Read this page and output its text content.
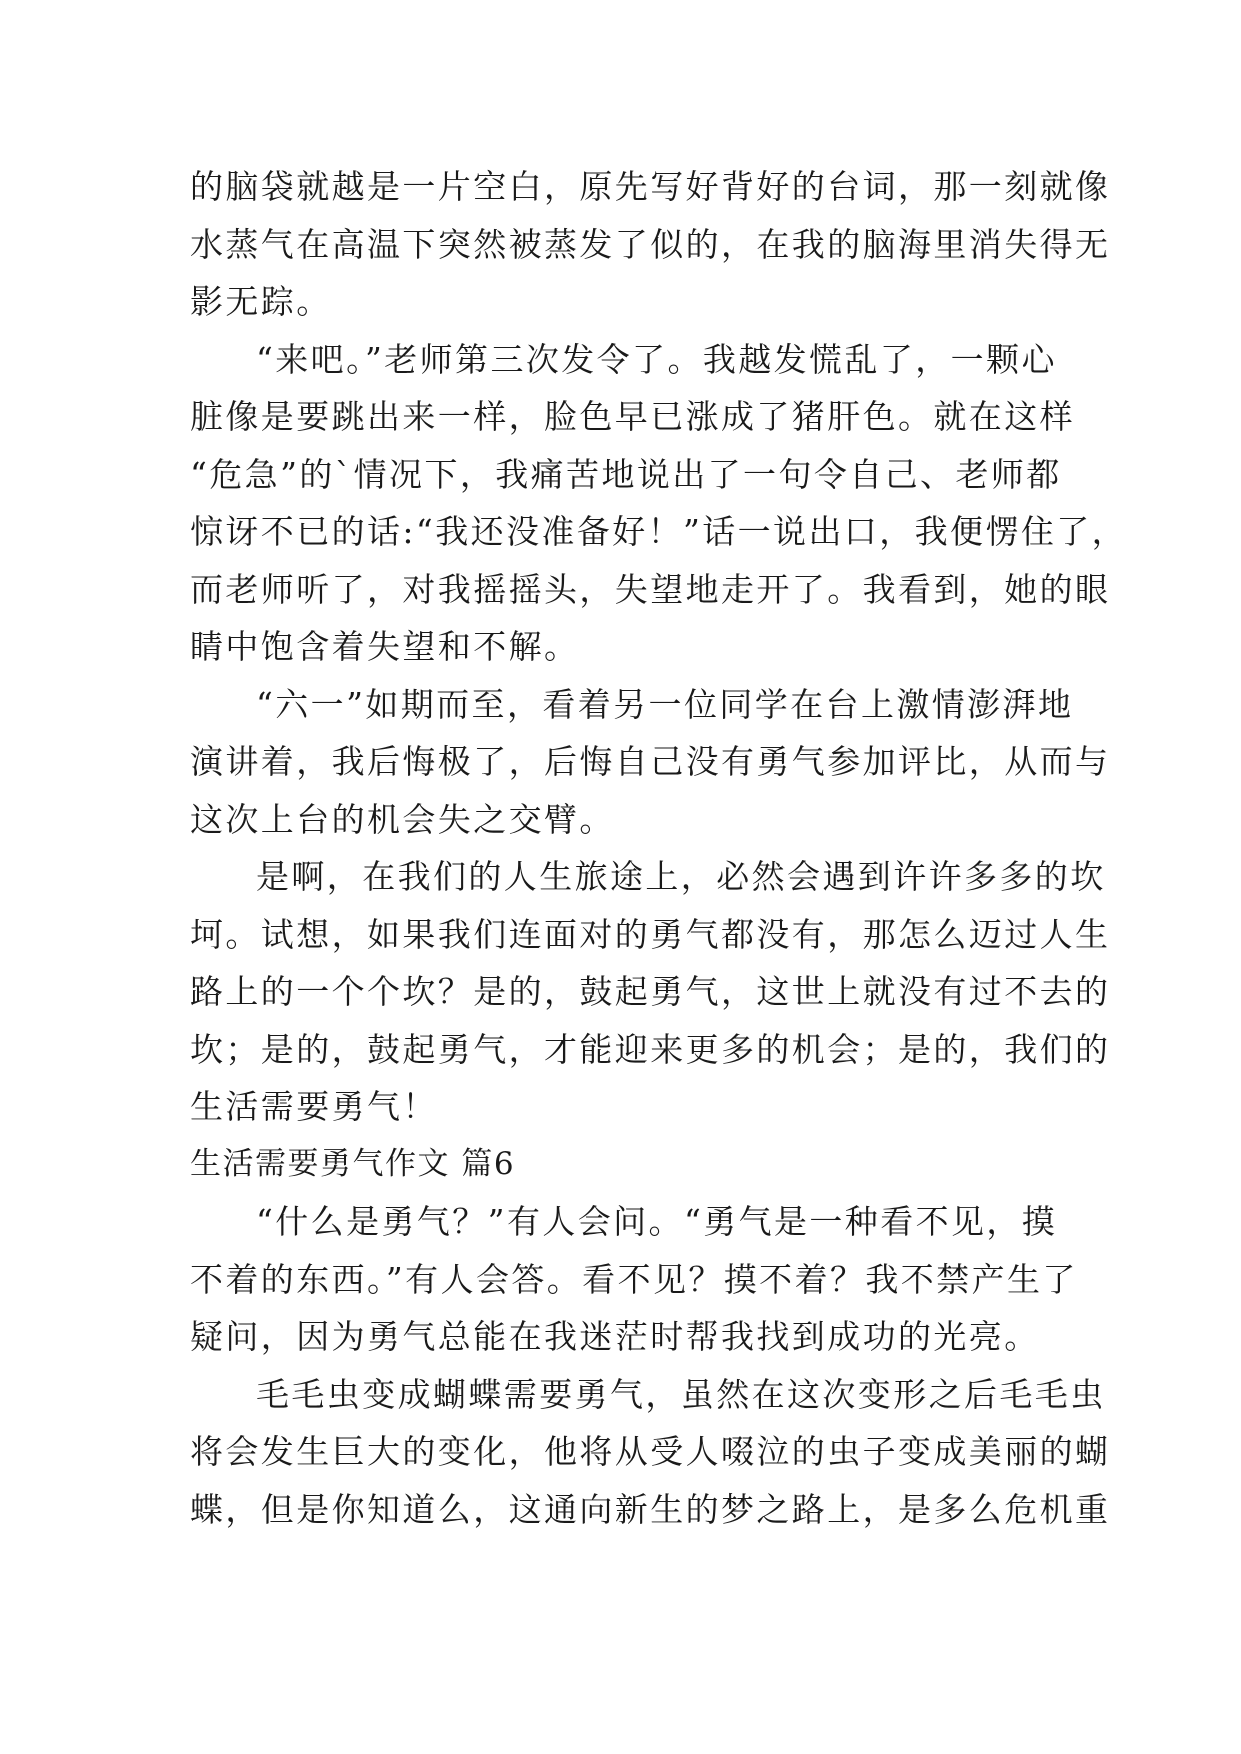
的脑袋就越是一片空白，原先写好背好的台词，那一刻就像
水蒸气在高温下突然被蒸发了似的，在我的脑海里消失得无
影无踪。
“来吧。”老师第三次发令了。我越发慌乱了，一颗心
脏像是要跳出来一样，脸色早已涨成了猪肝色。就在这样
“危急”的`情况下，我痛苦地说出了一句令自己、老师都
惊讶不已的话:“我还没准备好！”话一说出口，我便愣住了，
而老师听了，对我摇摇头，失望地走开了。我看到，她的眼
睛中饱含着失望和不解。
“六一”如期而至，看着另一位同学在台上激情澎湃地
演讲着，我后悔极了，后悔自己没有勇气参加评比，从而与
这次上台的机会失之交臂。
是啊，在我们的人生旅途上，必然会遇到许许多多的坎
坷。试想，如果我们连面对的勇气都没有，那怎么迈过人生
路上的一个个坎？是的，鼓起勇气，这世上就没有过不去的
坎；是的，鼓起勇气，才能迎来更多的机会；是的，我们的
生活需要勇气！
生活需要勇气作文 篇6
“什么是勇气？”有人会问。“勇气是一种看不见，摸
不着的东西。”有人会答。看不见？摸不着？我不禁产生了
疑问，因为勇气总能在我迷茫时帮我找到成功的光亮。
毛毛虫变成蝴蝶需要勇气，虽然在这次变形之后毛毛虫
将会发生巨大的变化，他将从受人啜泣的虫子变成美丽的蝴
蝶，但是你知道么，这通向新生的梦之路上，是多么危机重
